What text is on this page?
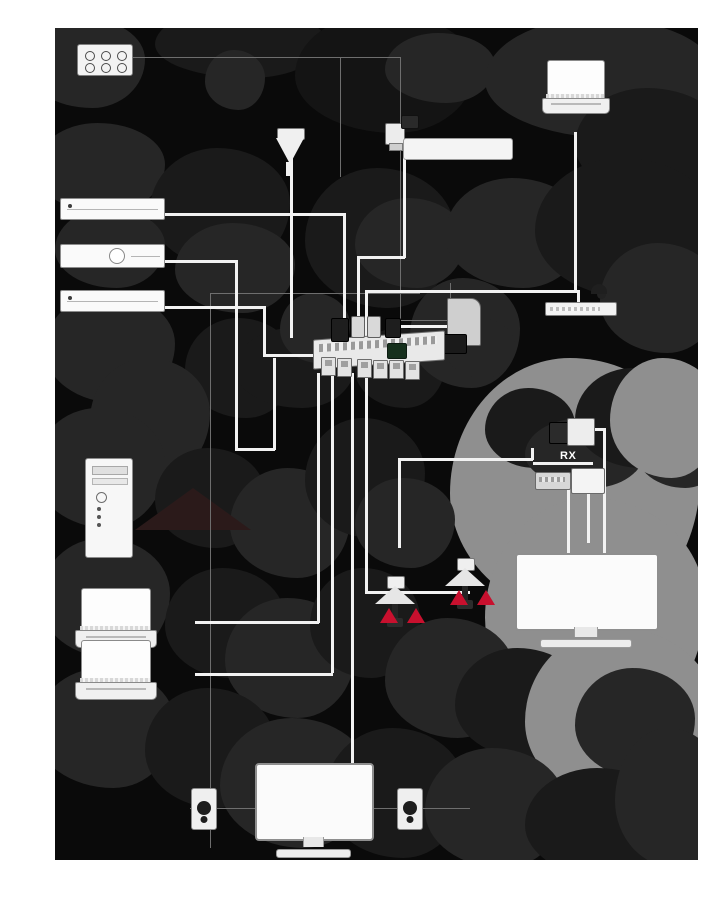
RX
